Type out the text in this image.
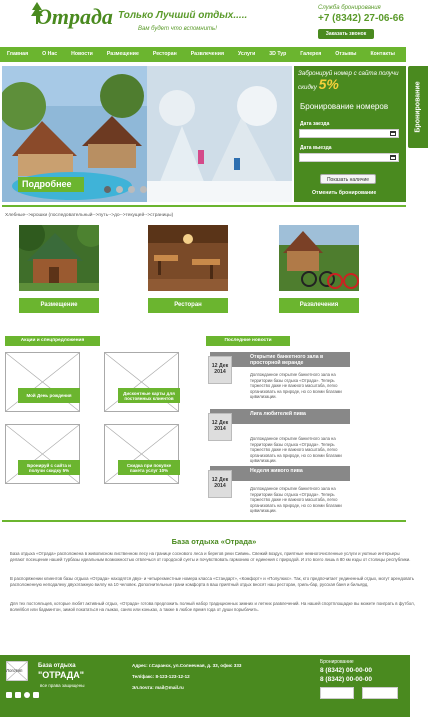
Отрада Только Лучший отдых.....
Вам будет что вспомнить!
Служба бронирования
+7 (8342) 27-06-66
Заказать звонок
Главная	О Нас	Новости	Размещение	Ресторан	Развлечения	Услуги	3D Тур	Галерея	Отзывы	Контакты
Подробнее
Забронируй номер с сайта получи скидку 5%
Бронирование номеров
Дата заезда
Дата выезда
Показать наличие
Отменить бронирование
Бронирование
Хлебные-->крошки (последовательный-->путь-->до-->текущей-->страницы)
Размещение	Ресторан	Развлечения
Акции и спецпредложения
Мой День рождения	Дисконтные карты для постоянных клиентов
Бронируй с сайта и получи скидку 5%
Скидка при покупке пакета услуг 10%
Последние новости
Открытие банкетного зала в просторной веранде
12 Дек 2014	Долгожданное открытие банкетного зала на территории базы отдыха «Отрада». Теперь торжество даже не важного масштаба, легко организовать на природе, но со всеми благами цивилизации.
Лига любителей пива
12 Дек 2014
Долгожданное открытие банкетного зала на территории базы отдыха «Отрада». Теперь торжество даже не важного масштаба, легко организовать на природе, но со всеми благами цивилизации.
Неделя живого пива
12 Дек 2014	Долгожданное открытие банкетного зала на территории базы отдыха «Отрада». Теперь торжество даже не важного масштаба, легко организовать на природе, но со всеми благами цивилизации.
База отдыха «Отрада»
База отдыха «Отрада» расположена в живописном лиственном лесу на границе соснового леса и берегов реки Сивинь. Свежий воздух, приятные немногочисленные услуги и уютные интерьеры делают посещение нашей турбазы идеальным возможностью отвлечься от городской суеты и почувствовать гармонию от единения с природой. И это всего лишь в 80 км езды от столицы республики.
В распоряжении клиентов базы отдыха «Отрада» находятся двух- и четырехместные номера класса «Стандарт», «Комфорт» и «Полулюкс». Так, кто предпочитает уединенный отдых, могут арендовать расположенную неподалеку двухэтажную виллу на 10 человек. Дополнительные грани комфорта в ваш приятный отдых вносят наш ресторан, гриль-бар, русская баня и бильярд.
Для тех постояльцев, которые любят активный отдых, «Отрада» готова предложить полный набор традиционных зимних и летних развлечений. На нашей спортплощадке вы можете поиграть в футбол, волейбол или бадминтон, зимой покататься на лыжах, санях или коньках, а также в любое время года от души порыбачить.
Логотип
База отдыха
"ОТРАДА"
все права защищены
Адрес: г.Саранск, ул.Солнечная, д. 33, офис 333
Тел/факс: 8-123-123-12-12
Эл.почта: mail@mail.ru
Бронирование
8 (8342) 00-00-00
8 (8342) 00-00-00
